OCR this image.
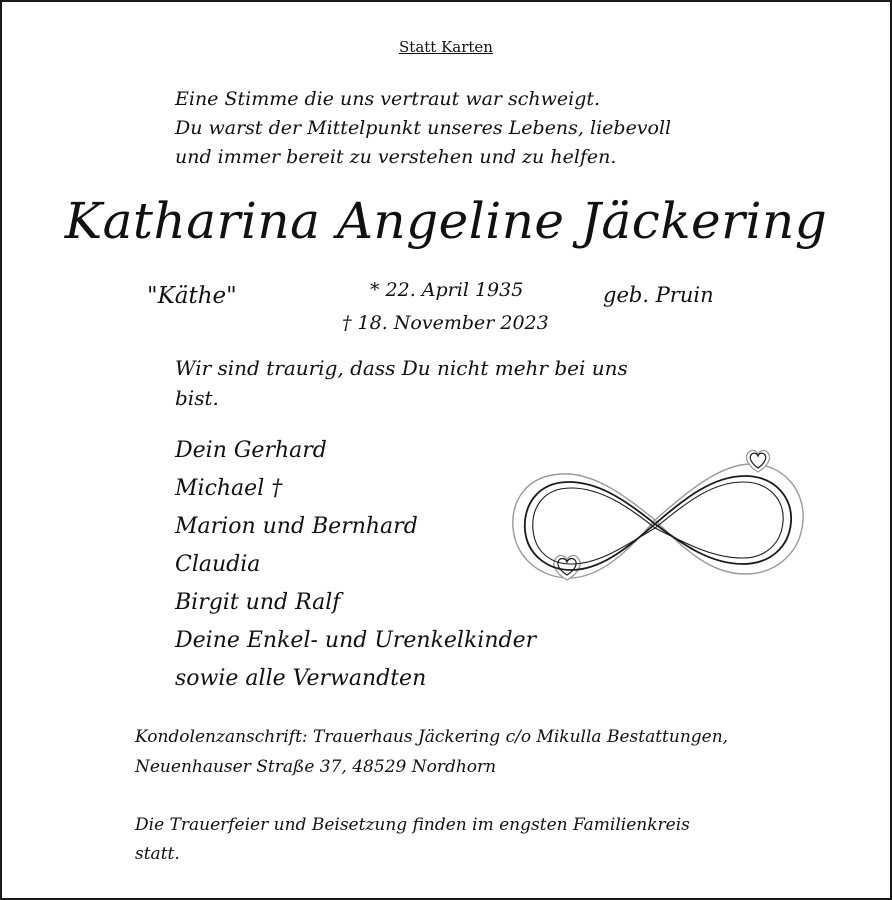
Statt Karten
Eine Stimme die uns vertraut war schweigt.
Du warst der Mittelpunkt unseres Lebens, liebevoll
und immer bereit zu verstehen und zu helfen.
Katharina Angeline Jäckering
"Käthe"	* 22. April 1935
† 18. November 2023
geb. Pruin
Wir sind traurig, dass Du nicht mehr bei uns
bist.
Dein Gerhard
Michael †
Marion und Bernhard
Claudia
Birgit und Ralf
Deine Enkel- und Urenkelkinder
sowie alle Verwandten
Kondolenzanschrift: Trauerhaus Jäckering c/o Mikulla Bestattungen,
Neuenhauser Straße 37, 48529 Nordhorn
Die Trauerfeier und Beisetzung finden im engsten Familienkreis
statt.
